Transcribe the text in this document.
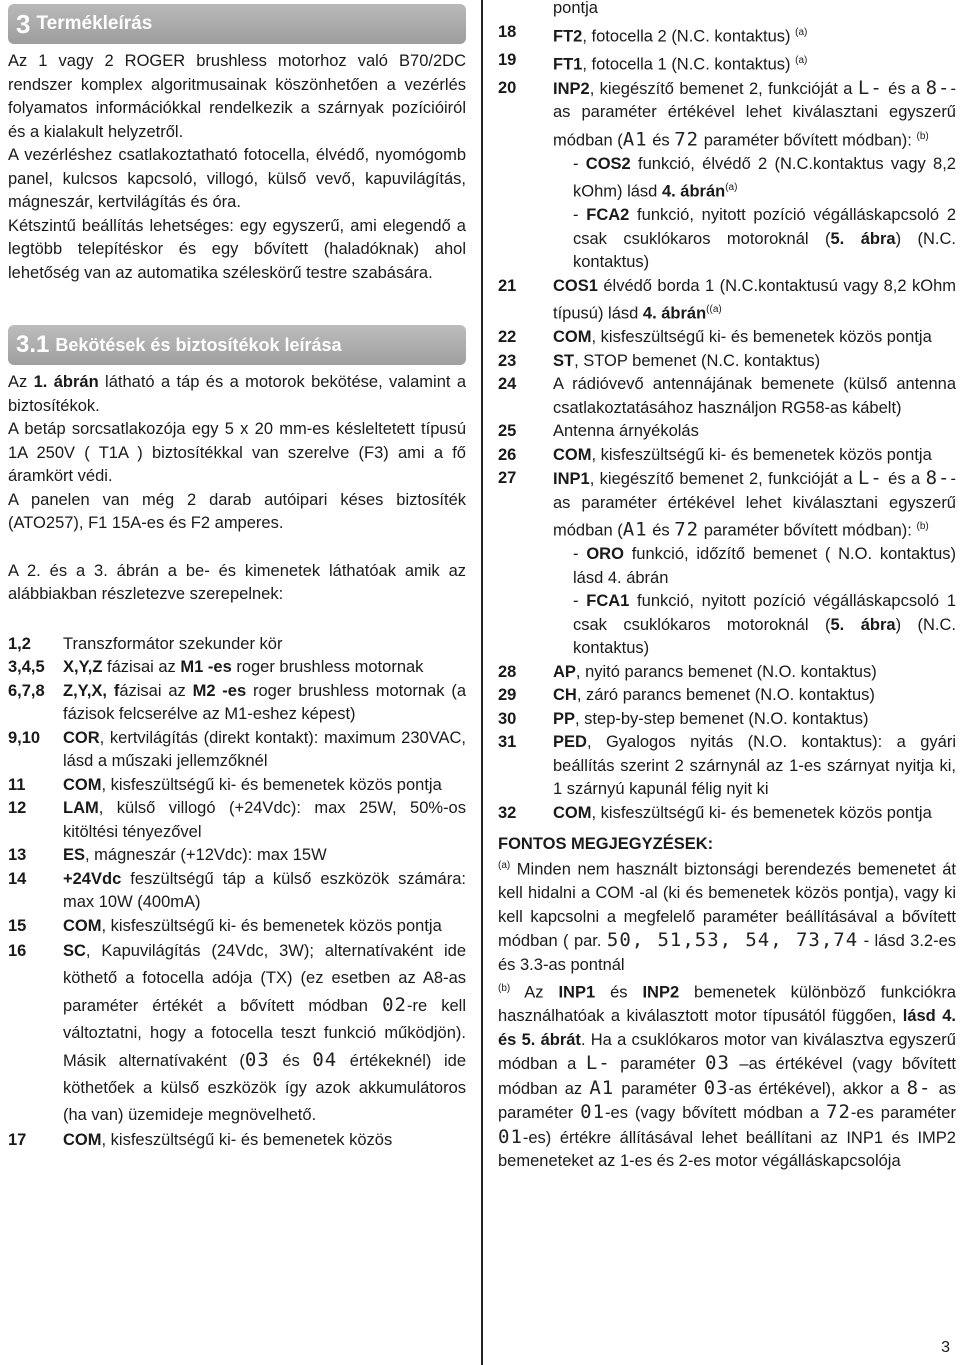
3 Termékleírás

Az 1 vagy 2 ROGER brushless motorhoz való B70/2DC rendszer komplex algoritmusainak köszönhetően a vezérlés folyamatos információkkal rendelkezik a szárnyak pozícióiról és a kialakult helyzetről.

A vezérléshez csatlakoztatható fotocella, élvédő, nyomógomb panel, kulcsos kapcsoló, villogó, külső vevő, kapuvilágítás, mágneszár, kertvilágítás és óra.

Kétszintű beállítás lehetséges: egy egyszerű, ami elegendő a legtöbb telepítéskor és egy bővített (haladóknak) ahol lehetőség van az automatika széleskörű testre szabására.

3.1 Bekötések és biztosítékok leírása

Az 1. ábrán látható a táp és a motorok bekötése, valamint a biztosítékok.

A betáp sorcsatlakozója egy 5 x 20 mm-es késleltetett típusú 1A 250V ( T1A ) biztosítékkal van szerelve (F3) ami a fő áramkört védi.

A panelen van még 2 darab autóipari késes biztosíték (ATO257), F1 15A-es és F2 amperes.

A 2. és a 3. ábrán a be- és kimenetek láthatóak amik az alábbiakban részletezve szerepelnek:

1,2	Transzformátor szekunder kör
3,4,5	X,Y,Z fázisai az M1 -es roger brushless motornak
6,7,8	Z,Y,X, fázisai az M2 -es roger brushless motornak (a fázisok felcserélve az M1-eshez képest)
9,10	COR, kertvilágítás (direkt kontakt): maximum 230VAC, lásd a műszaki jellemzőknél
11	COM, kisfeszültségű ki- és bemenetek közös pontja
12	LAM, külső villogó (+24Vdc): max 25W, 50%-os kitöltési tényezővel
13	ES, mágneszár (+12Vdc): max 15W
14	+24Vdc feszültségű táp a külső eszközök számára: max 10W (400mA)
15	COM, kisfeszültségű ki- és bemenetek közös pontja
16	SC, Kapuvilágítás (24Vdc, 3W); alternatívaként ide köthető a fotocella adója (TX) (ez esetben az A8-as paraméter értékét a bővített módban 02-re kell változtatni, hogy a fotocella teszt funkció működjön). Másik alternatívaként (03 és 04 értékeknél) ide köthetőek a külső eszközök így azok akkumulátoros (ha van) üzemideje megnövelhető.
17	COM, kisfeszültségű ki- és bemenetek közös
pontja
18	FT2, fotocella 2 (N.C. kontaktus) $^{(a)}$
19	FT1, fotocella 1 (N.C. kontaktus) $^{(a)}$
20	INP2, kiegészítő bemenet 2, funkcióját a L- és a 8--as paraméter értékével lehet kiválasztani egyszerű módban (A1 és 72 paraméter bővített módban): $^{(b)}$
- COS2 funkció, élvédő 2 (N.C.kontaktus vagy 8,2 kOhm) lásd 4. ábrán$^{(a)}$
- FCA2 funkció, nyitott pozíció végálláskapcsoló 2 csak csuklókaros motoroknál (5. ábra) (N.C. kontaktus)
21	COS1 élvédő borda 1 (N.C.kontaktusú vagy 8,2 kOhm típusú) lásd 4. ábrán$^{((a)}$
22	COM, kisfeszültségű ki- és bemenetek közös pontja
23	ST, STOP bemenet (N.C. kontaktus)
24	A rádióvevő antennájának bemenete (külső antenna csatlakoztatásához használjon RG58-as kábelt)
25	Antenna árnyékolás
26	COM, kisfeszültségű ki- és bemenetek közös pontja
27	INP1, kiegészítő bemenet 2, funkcióját a L- és a 8--as paraméter értékével lehet kiválasztani egyszerű módban (A1 és 72 paraméter bővített módban): $^{(b)}$
- ORO funkció, időzítő bemenet ( N.O. kontaktus) lásd 4. ábrán
- FCA1 funkció, nyitott pozíció végálláskapcsoló 1 csak csuklókaros motoroknál (5. ábra) (N.C. kontaktus)
28	AP, nyitó parancs bemenet (N.O. kontaktus)
29	CH, záró parancs bemenet (N.O. kontaktus)
30	PP, step-by-step bemenet (N.O. kontaktus)
31	PED, Gyalogos nyitás (N.O. kontaktus): a gyári beállítás szerint 2 szárnynál az 1-es szárnyat nyitja ki, 1 szárnyú kapunál félig nyit ki
32	COM, kisfeszültségű ki- és bemenetek közös pontja
FONTOS MEGJEGYZÉSEK:

$^{(a)}$ Minden nem használt biztonsági berendezés bemenetet át kell hidalni a COM -al (ki és bemenetek közös pontja), vagy ki kell kapcsolni a megfelelő paraméter beállításával a bővített módban ( par. 50, 51,53, 54, 73,74 - lásd 3.2-es és 3.3-as pontnál

$^{(b)}$ Az INP1 és INP2 bemenetek különböző funkciókra használhatóak a kiválasztott motor típusától függően, lásd 4. és 5. ábrát. Ha a csuklókaros motor van kiválasztva egyszerű módban a L- paraméter 03 –as értékével (vagy bővített módban az A1 paraméter 03-as értékével), akkor a 8- as paraméter 01-es (vagy bővített módban a 72-es paraméter 01-es) értékre állításával lehet beállítani az INP1 és IMP2 bemeneteket az 1-es és 2-es motor végálláskapcsolója

3
